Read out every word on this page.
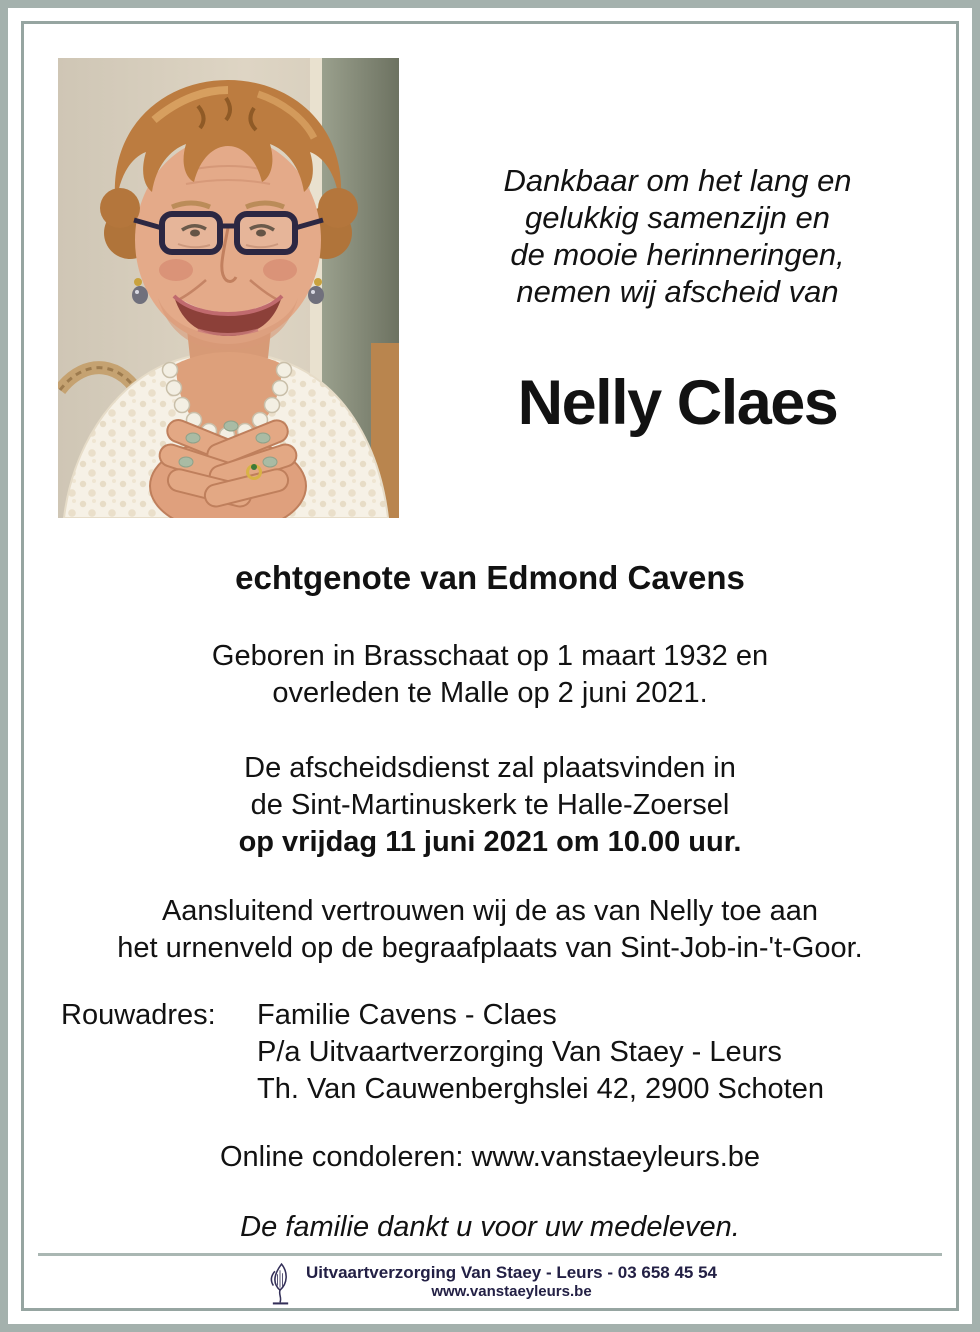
Dankbaar om het lang en
gelukkig samenzijn en
de mooie herinneringen,
nemen wij afscheid van
Nelly Claes
echtgenote van Edmond Cavens
Geboren in Brasschaat op 1 maart 1932 en
overleden te Malle op 2 juni 2021.
De afscheidsdienst zal plaatsvinden in
de Sint-Martinuskerk te Halle-Zoersel
op vrijdag 11 juni 2021 om 10.00 uur.
Aansluitend vertrouwen wij de as van Nelly toe aan
het urnenveld op de begraafplaats van Sint-Job-in-'t-Goor.
Rouwadres:	Familie Cavens - Claes
P/a Uitvaartverzorging Van Staey - Leurs
Th. Van Cauwenberghslei 42, 2900 Schoten
Online condoleren: www.vanstaeyleurs.be
De familie dankt u voor uw medeleven.
Uitvaartverzorging Van Staey - Leurs - 03 658 45 54
www.vanstaeyleurs.be
